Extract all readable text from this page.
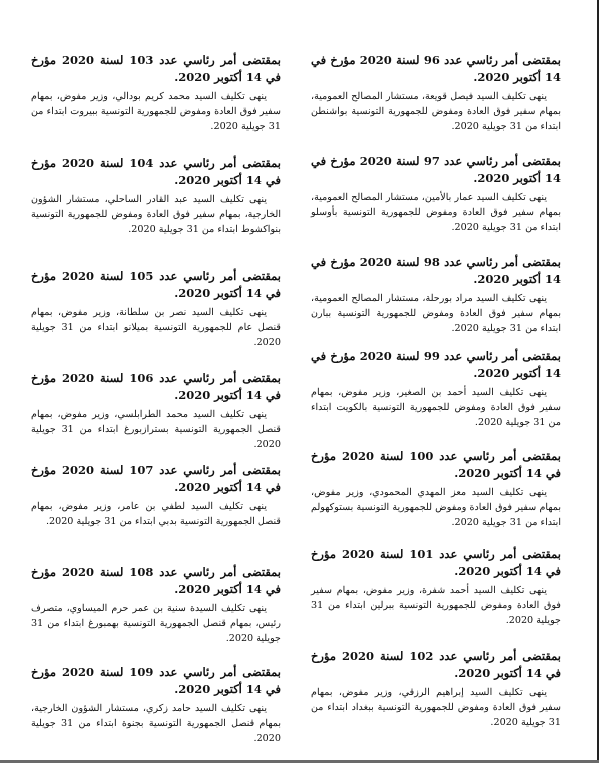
بمقتضى أمر رئاسي عدد 96 لسنة 2020 مؤرخ في 14 أكتوبر 2020.

ينهى تكليف السيد فيصل قويعة، مستشار المصالح العمومية، بمهام سفير فوق العادة ومفوض للجمهورية التونسية بواشنطن ابتداء من 31 جويلية 2020.

بمقتضى أمر رئاسي عدد 97 لسنة 2020 مؤرخ في 14 أكتوبر 2020.

ينهى تكليف السيد عمار بالأمين، مستشار المصالح العمومية، بمهام سفير فوق العادة ومفوض للجمهورية التونسية بأوسلو ابتداء من 31 جويلية 2020.

بمقتضى أمر رئاسي عدد 98 لسنة 2020 مؤرخ في 14 أكتوبر 2020.

ينهى تكليف السيد مراد بورحلة، مستشار المصالح العمومية، بمهام سفير فوق العادة ومفوض للجمهورية التونسية ببارن ابتداء من 31 جويلية 2020.

بمقتضى أمر رئاسي عدد 99 لسنة 2020 مؤرخ في 14 أكتوبر 2020.

ينهى تكليف السيد أحمد بن الصغير، وزير مفوض، بمهام سفير فوق العادة ومفوض للجمهورية التونسية بالكويت ابتداء من 31 جويلية 2020.

بمقتضى أمر رئاسي عدد 100 لسنة 2020 مؤرخ في 14 أكتوبر 2020.

ينهى تكليف السيد معز المهدي المحمودي، وزير مفوض، بمهام سفير فوق العادة ومفوض للجمهورية التونسية بستوكهولم ابتداء من 31 جويلية 2020.

بمقتضى أمر رئاسي عدد 101 لسنة 2020 مؤرخ في 14 أكتوبر 2020.

ينهى تكليف السيد أحمد شفرة، وزير مفوض، بمهام سفير فوق العادة ومفوض للجمهورية التونسية ببرلين ابتداء من 31 جويلية 2020.

بمقتضى أمر رئاسي عدد 102 لسنة 2020 مؤرخ في 14 أكتوبر 2020.

ينهى تكليف السيد إبراهيم الرزقي، وزير مفوض، بمهام سفير فوق العادة ومفوض للجمهورية التونسية ببغداد ابتداء من 31 جويلية 2020.

بمقتضى أمر رئاسي عدد 103 لسنة 2020 مؤرخ في 14 أكتوبر 2020.

ينهى تكليف السيد محمد كريم بودالي، وزير مفوض، بمهام سفير فوق العادة ومفوض للجمهورية التونسية ببيروت ابتداء من 31 جويلية 2020.

بمقتضى أمر رئاسي عدد 104 لسنة 2020 مؤرخ في 14 أكتوبر 2020.

ينهى تكليف السيد عبد القادر الساحلي، مستشار الشؤون الخارجية، بمهام سفير فوق العادة ومفوض للجمهورية التونسية بنواكشوط ابتداء من 31 جويلية 2020.

بمقتضى أمر رئاسي عدد 105 لسنة 2020 مؤرخ في 14 أكتوبر 2020.

ينهى تكليف السيد نصر بن سلطانة، وزير مفوض، بمهام قنصل عام للجمهورية التونسية بميلانو ابتداء من 31 جويلية 2020.

بمقتضى أمر رئاسي عدد 106 لسنة 2020 مؤرخ في 14 أكتوبر 2020.

ينهى تكليف السيد محمد الطرابلسي، وزير مفوض، بمهام قنصل الجمهورية التونسية بسترازبورغ ابتداء من 31 جويلية 2020.

بمقتضى أمر رئاسي عدد 107 لسنة 2020 مؤرخ في 14 أكتوبر 2020.

ينهى تكليف السيد لطفي بن عامر، وزير مفوض، بمهام قنصل الجمهورية التونسية بدبي ابتداء من 31 جويلية 2020.

بمقتضى أمر رئاسي عدد 108 لسنة 2020 مؤرخ في 14 أكتوبر 2020.

ينهى تكليف السيدة سنية بن عمر حرم الميساوي، متصرف رئيس، بمهام قنصل الجمهورية التونسية بهمبورغ ابتداء من 31 جويلية 2020.

بمقتضى أمر رئاسي عدد 109 لسنة 2020 مؤرخ في 14 أكتوبر 2020.

ينهى تكليف السيد حامد زكري، مستشار الشؤون الخارجية، بمهام قنصل الجمهورية التونسية بجنوة ابتداء من 31 جويلية 2020.
